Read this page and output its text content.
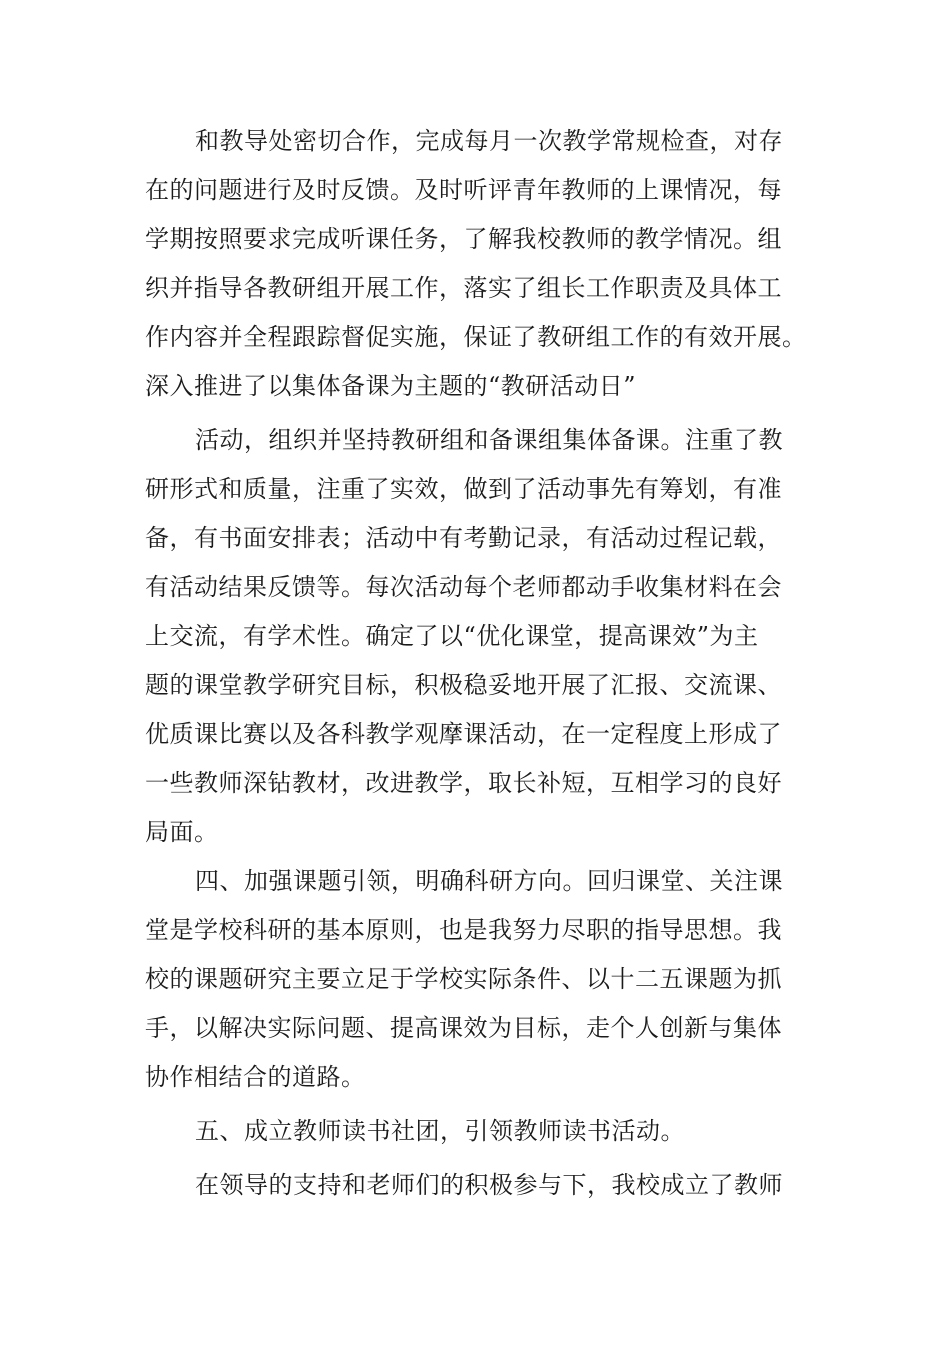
和教导处密切合作，完成每月一次教学常规检查，对存
在的问题进行及时反馈。及时听评青年教师的上课情况，每
学期按照要求完成听课任务，了解我校教师的教学情况。组
织并指导各教研组开展工作，落实了组长工作职责及具体工
作内容并全程跟踪督促实施，保证了教研组工作的有效开展。
深入推进了以集体备课为主题的“教研活动日”
活动，组织并坚持教研组和备课组集体备课。注重了教
研形式和质量，注重了实效，做到了活动事先有筹划，有准
备，有书面安排表；活动中有考勤记录，有活动过程记载，
有活动结果反馈等。每次活动每个老师都动手收集材料在会
上交流，有学术性。确定了以“优化课堂，提高课效”为主
题的课堂教学研究目标，积极稳妥地开展了汇报、交流课、
优质课比赛以及各科教学观摩课活动，在一定程度上形成了
一些教师深钻教材，改进教学，取长补短，互相学习的良好
局面。
四、加强课题引领，明确科研方向。回归课堂、关注课
堂是学校科研的基本原则，也是我努力尽职的指导思想。我
校的课题研究主要立足于学校实际条件、以十二五课题为抓
手，以解决实际问题、提高课效为目标，走个人创新与集体
协作相结合的道路。
五、成立教师读书社团，引领教师读书活动。
在领导的支持和老师们的积极参与下，我校成立了教师
